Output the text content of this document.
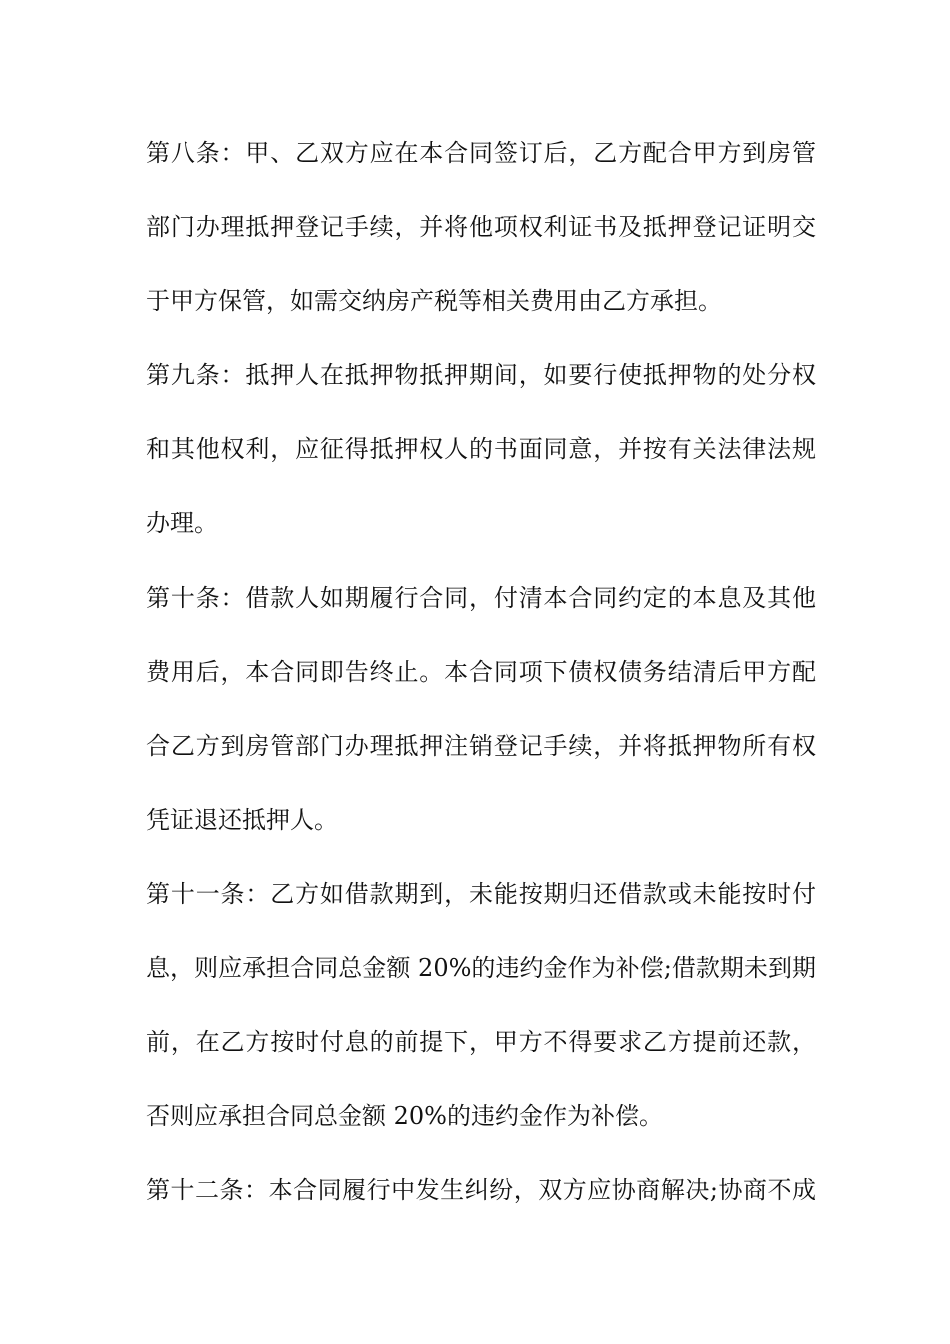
第八条：甲、乙双方应在本合同签订后，乙方配合甲方到房管
部门办理抵押登记手续，并将他项权利证书及抵押登记证明交
于甲方保管，如需交纳房产税等相关费用由乙方承担。
第九条：抵押人在抵押物抵押期间，如要行使抵押物的处分权
和其他权利，应征得抵押权人的书面同意，并按有关法律法规
办理。
第十条：借款人如期履行合同，付清本合同约定的本息及其他
费用后，本合同即告终止。本合同项下债权债务结清后甲方配
合乙方到房管部门办理抵押注销登记手续，并将抵押物所有权
凭证退还抵押人。
第十一条：乙方如借款期到，未能按期归还借款或未能按时付
息，则应承担合同总金额 20%的违约金作为补偿;借款期未到期
前，在乙方按时付息的前提下，甲方不得要求乙方提前还款，
否则应承担合同总金额 20%的违约金作为补偿。
第十二条：本合同履行中发生纠纷，双方应协商解决;协商不成
